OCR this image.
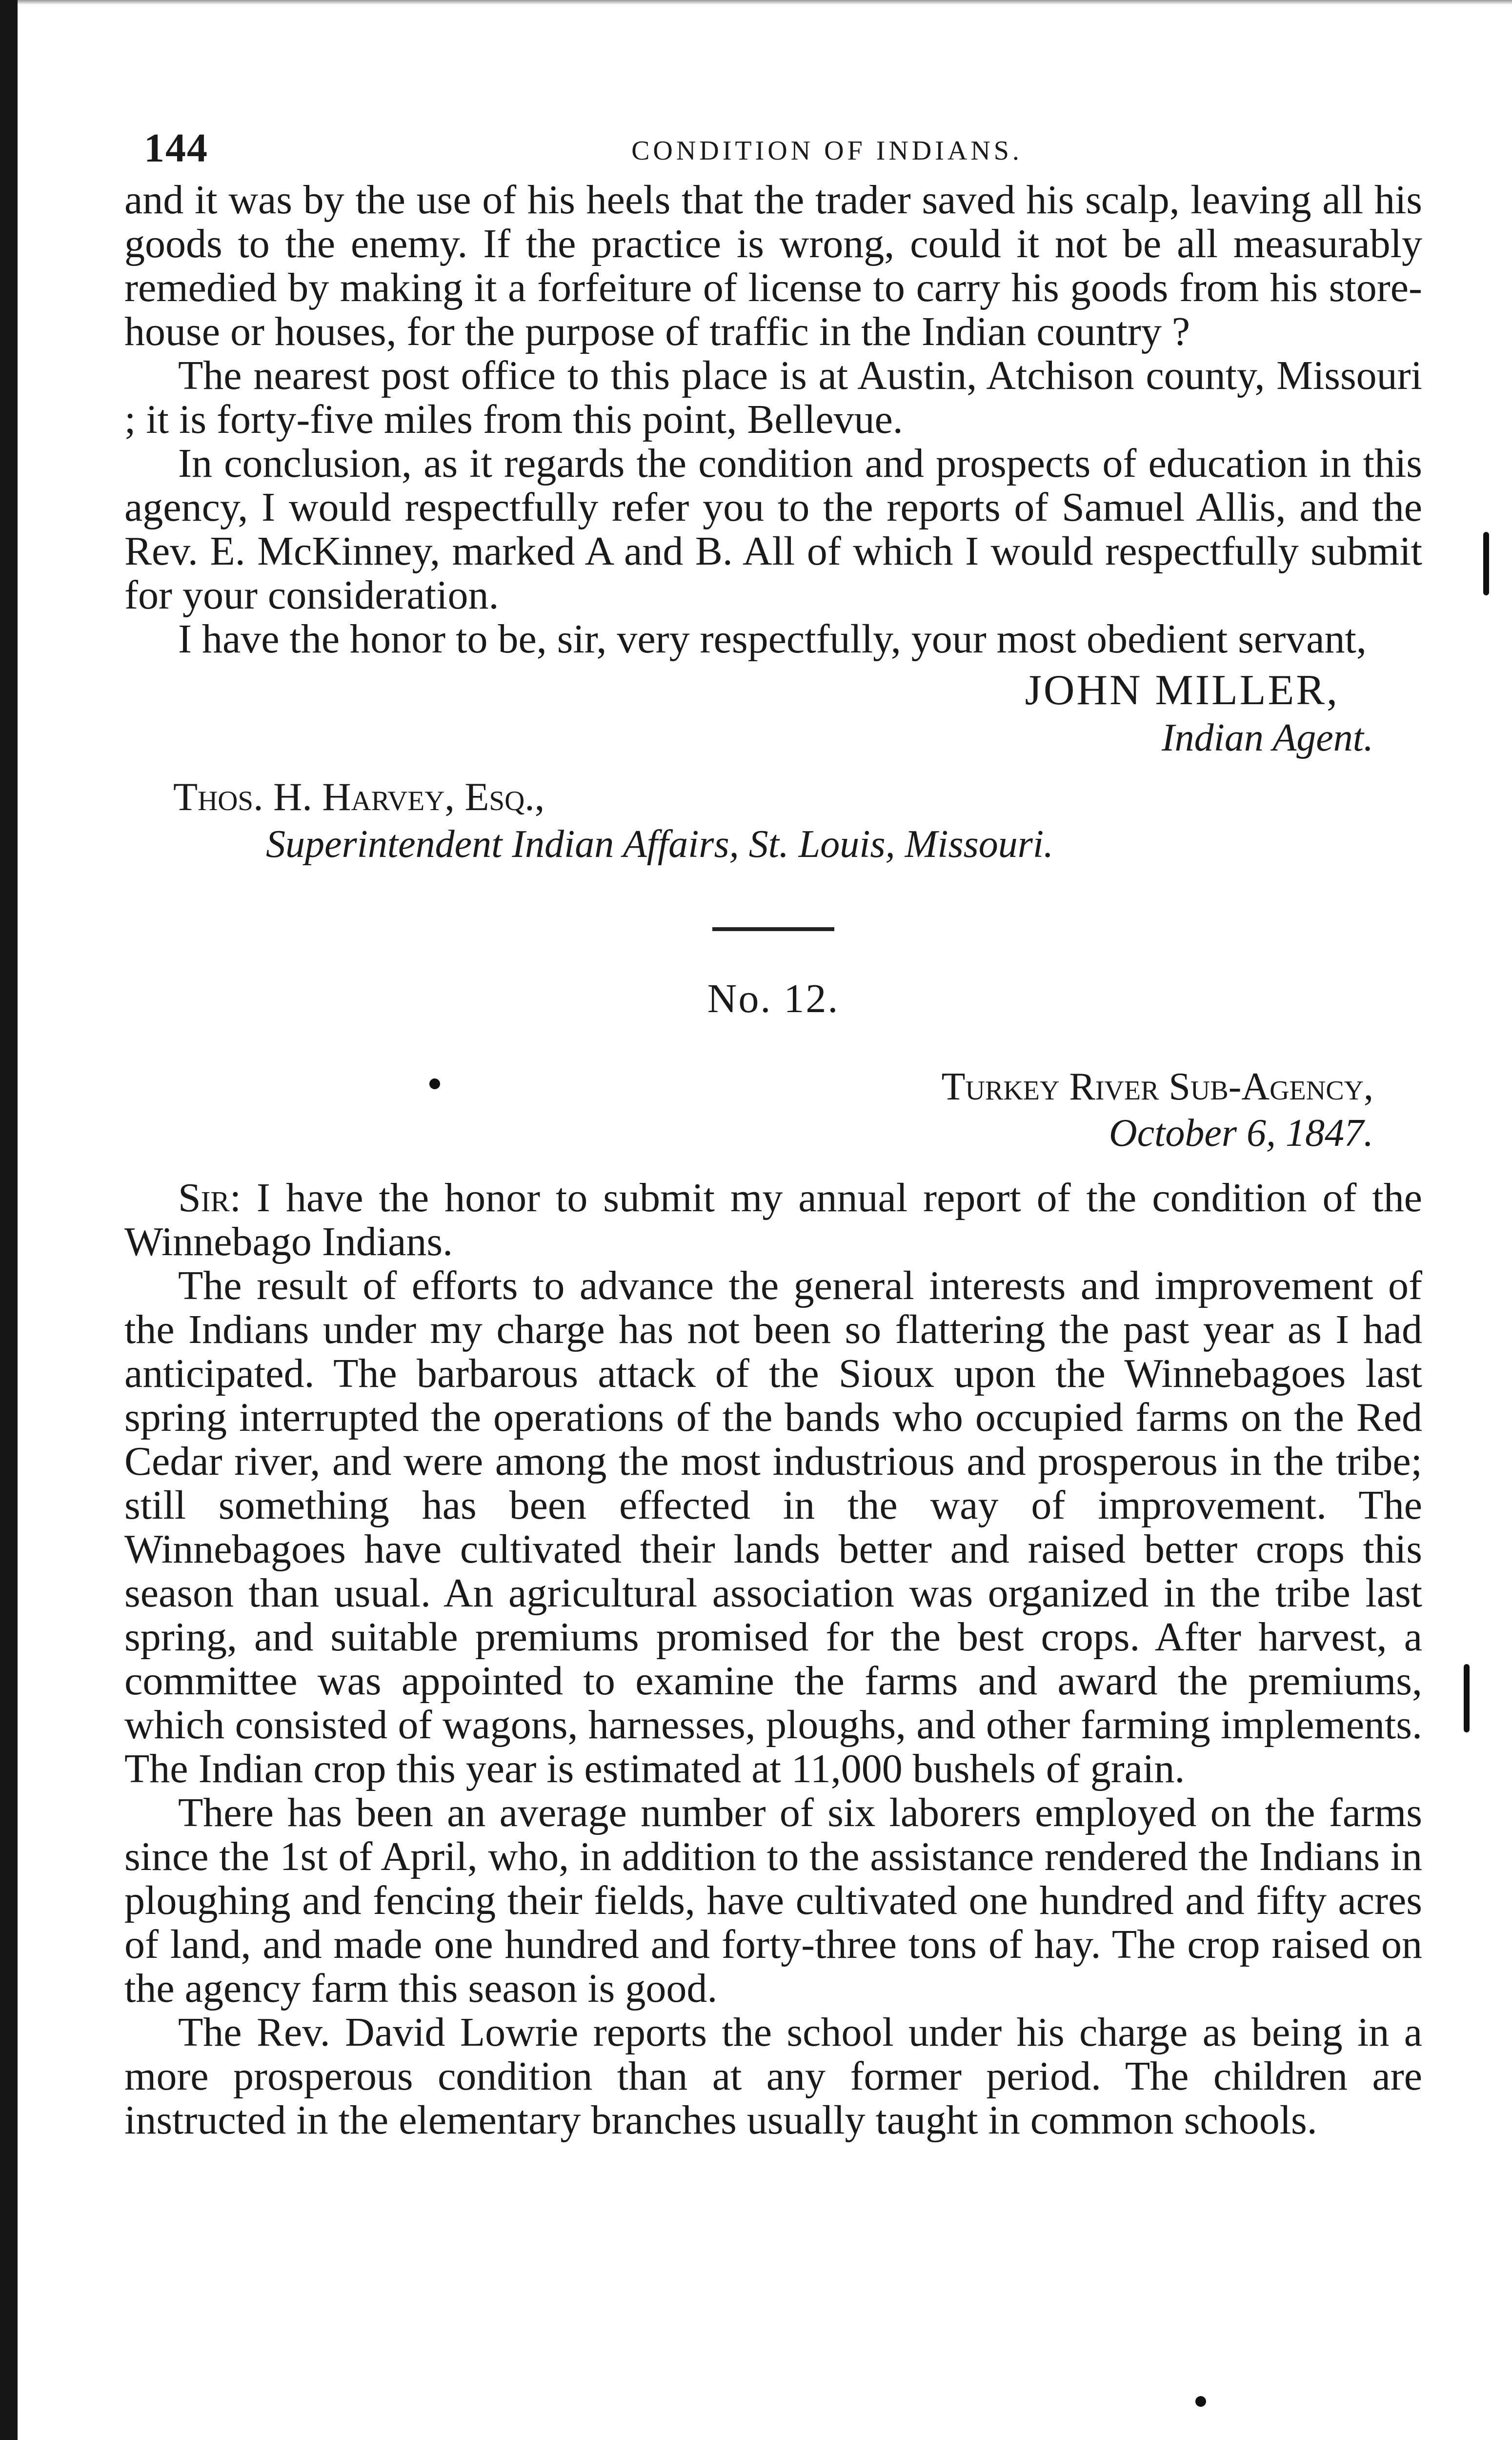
144	CONDITION OF INDIANS.

and it was by the use of his heels that the trader saved his scalp, leaving all his goods to the enemy. If the practice is wrong, could it not be all measurably remedied by making it a forfeiture of license to carry his goods from his store-house or houses, for the purpose of traffic in the Indian country ?

The nearest post office to this place is at Austin, Atchison county, Missouri ; it is forty-five miles from this point, Bellevue.

In conclusion, as it regards the condition and prospects of education in this agency, I would respectfully refer you to the reports of Samuel Allis, and the Rev. E. McKinney, marked A and B. All of which I would respectfully submit for your consideration.

I have the honor to be, sir, very respectfully, your most obedient servant,

JOHN MILLER,
Indian Agent.
Thos. H. Harvey, Esq.,
Superintendent Indian Affairs, St. Louis, Missouri.
No. 12.
Turkey River Sub-Agency,
October 6, 1847.

Sir: I have the honor to submit my annual report of the condition of the Winnebago Indians.

The result of efforts to advance the general interests and improvement of the Indians under my charge has not been so flattering the past year as I had anticipated. The barbarous attack of the Sioux upon the Winnebagoes last spring interrupted the operations of the bands who occupied farms on the Red Cedar river, and were among the most industrious and prosperous in the tribe; still something has been effected in the way of improvement. The Winnebagoes have cultivated their lands better and raised better crops this season than usual. An agricultural association was organized in the tribe last spring, and suitable premiums promised for the best crops. After harvest, a committee was appointed to examine the farms and award the premiums, which consisted of wagons, harnesses, ploughs, and other farming implements. The Indian crop this year is estimated at 11,000 bushels of grain.

There has been an average number of six laborers employed on the farms since the 1st of April, who, in addition to the assistance rendered the Indians in ploughing and fencing their fields, have cultivated one hundred and fifty acres of land, and made one hundred and forty-three tons of hay. The crop raised on the agency farm this season is good.

The Rev. David Lowrie reports the school under his charge as being in a more prosperous condition than at any former period. The children are instructed in the elementary branches usually taught in common schools.
